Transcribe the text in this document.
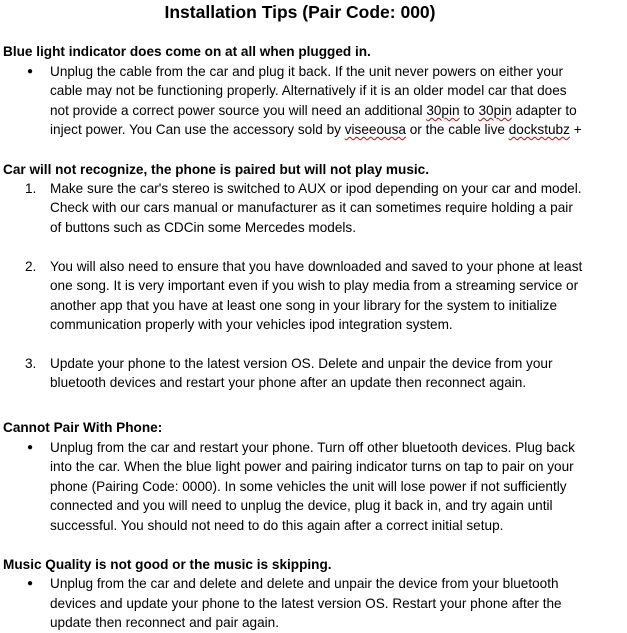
Installation Tips (Pair Code: 000)
Blue light indicator does come on at all when plugged in.
● Unplug the cable from the car and plug it back. If the unit never powers on either your
cable may not be functioning properly. Alternatively if it is an older model car that does
not provide a correct power source you will need an additional 30pin to 30pin adapter to
inject power. You Can use the accessory sold by viseeousa or the cable live dockstubz +
Car will not recognize, the phone is paired but will not play music.
1. Make sure the car's stereo is switched to AUX or ipod depending on your car and model.
Check with our cars manual or manufacturer as it can sometimes require holding a pair
of buttons such as CDCin some Mercedes models.
2. You will also need to ensure that you have downloaded and saved to your phone at least
one song. It is very important even if you wish to play media from a streaming service or
another app that you have at least one song in your library for the system to initialize
communication properly with your vehicles ipod integration system.
3. Update your phone to the latest version OS. Delete and unpair the device from your
bluetooth devices and restart your phone after an update then reconnect again.
Cannot Pair With Phone:
● Unplug from the car and restart your phone. Turn off other bluetooth devices. Plug back
into the car. When the blue light power and pairing indicator turns on tap to pair on your
phone (Pairing Code: 0000). In some vehicles the unit will lose power if not sufficiently
connected and you will need to unplug the device, plug it back in, and try again until
successful. You should not need to do this again after a correct initial setup.
Music Quality is not good or the music is skipping.
● Unplug from the car and delete and delete and unpair the device from your bluetooth
devices and update your phone to the latest version OS. Restart your phone after the
update then reconnect and pair again.
